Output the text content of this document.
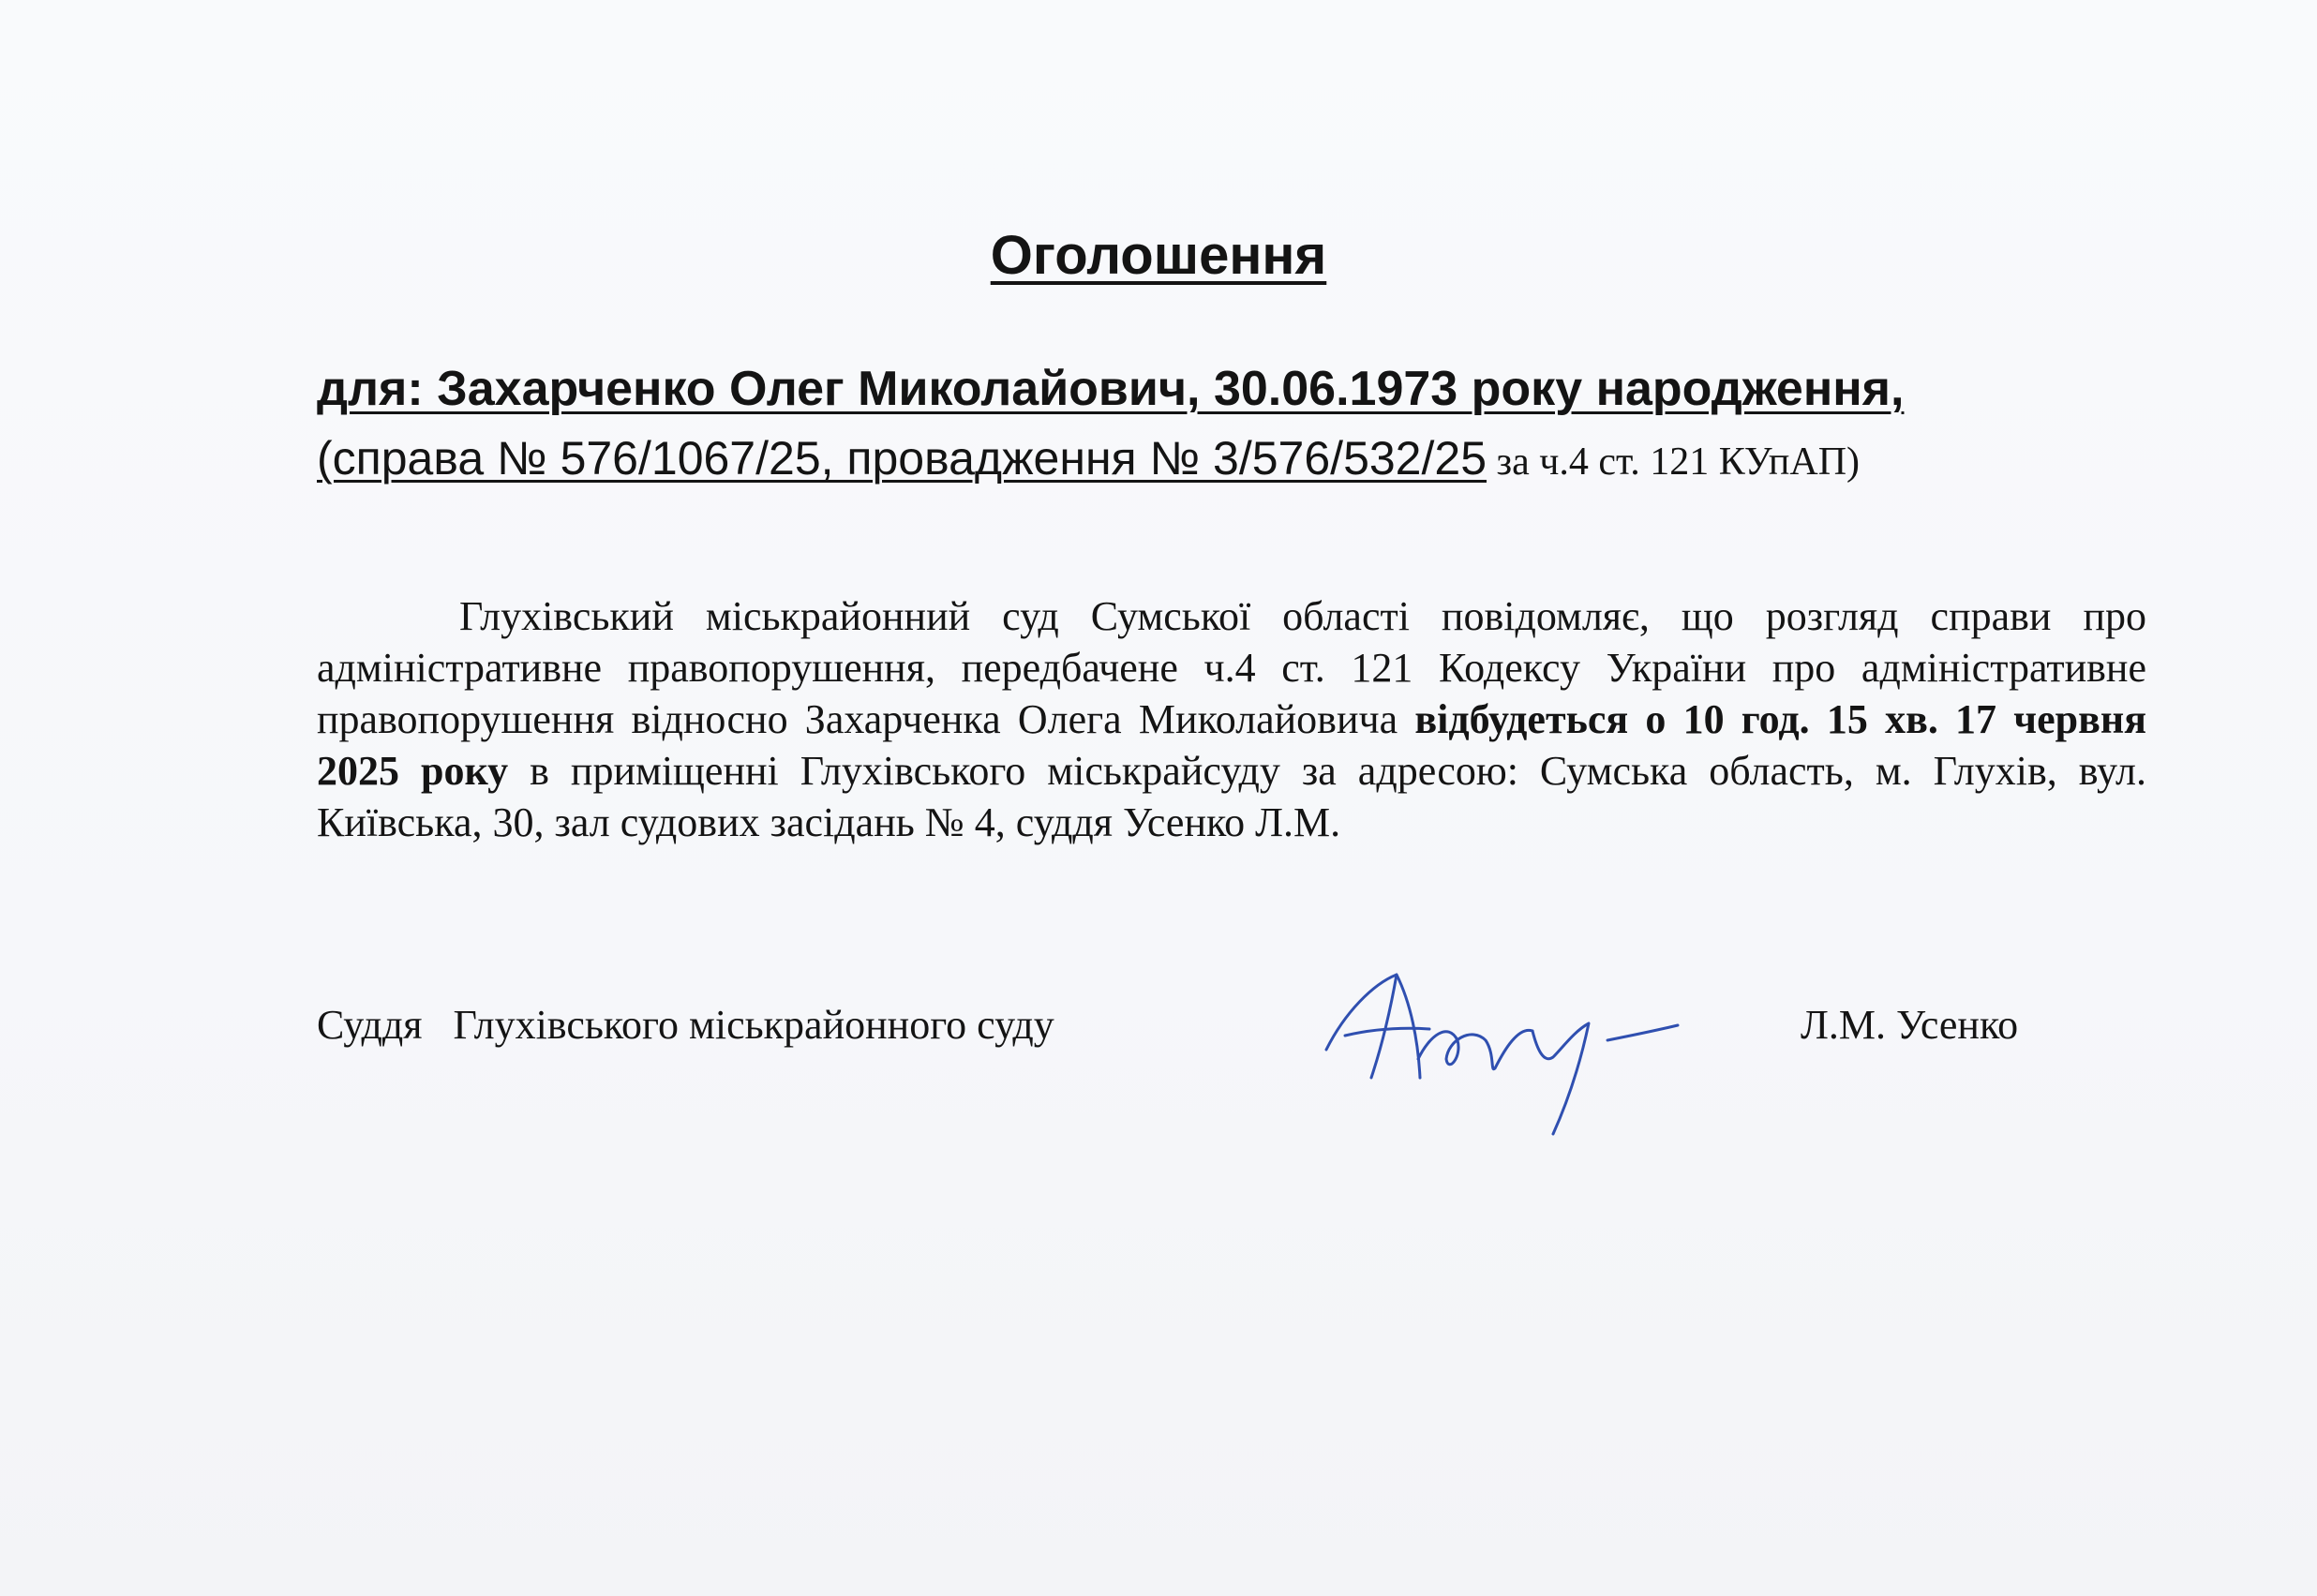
Оголошення
для: Захарченко Олег Миколайович, 30.06.1973 року народження,
(справа № 576/1067/25, провадження № 3/576/532/25 за ч.4 ст. 121 КУпАП)

Глухівський міськрайонний суд Сумської області повідомляє, що розгляд справи про адміністративне правопорушення, передбачене ч.4 ст. 121 Кодексу України про адміністративне правопорушення відносно Захарченка Олега Миколайовича відбудеться о 10 год. 15 хв. 17 червня 2025 року в приміщенні Глухівського міськрайсуду за адресою: Сумська область, м. Глухів, вул. Київська, 30, зал судових засідань № 4, суддя Усенко Л.М.

Суддя   Глухівського міськрайонного суду	Л.М. Усенко
